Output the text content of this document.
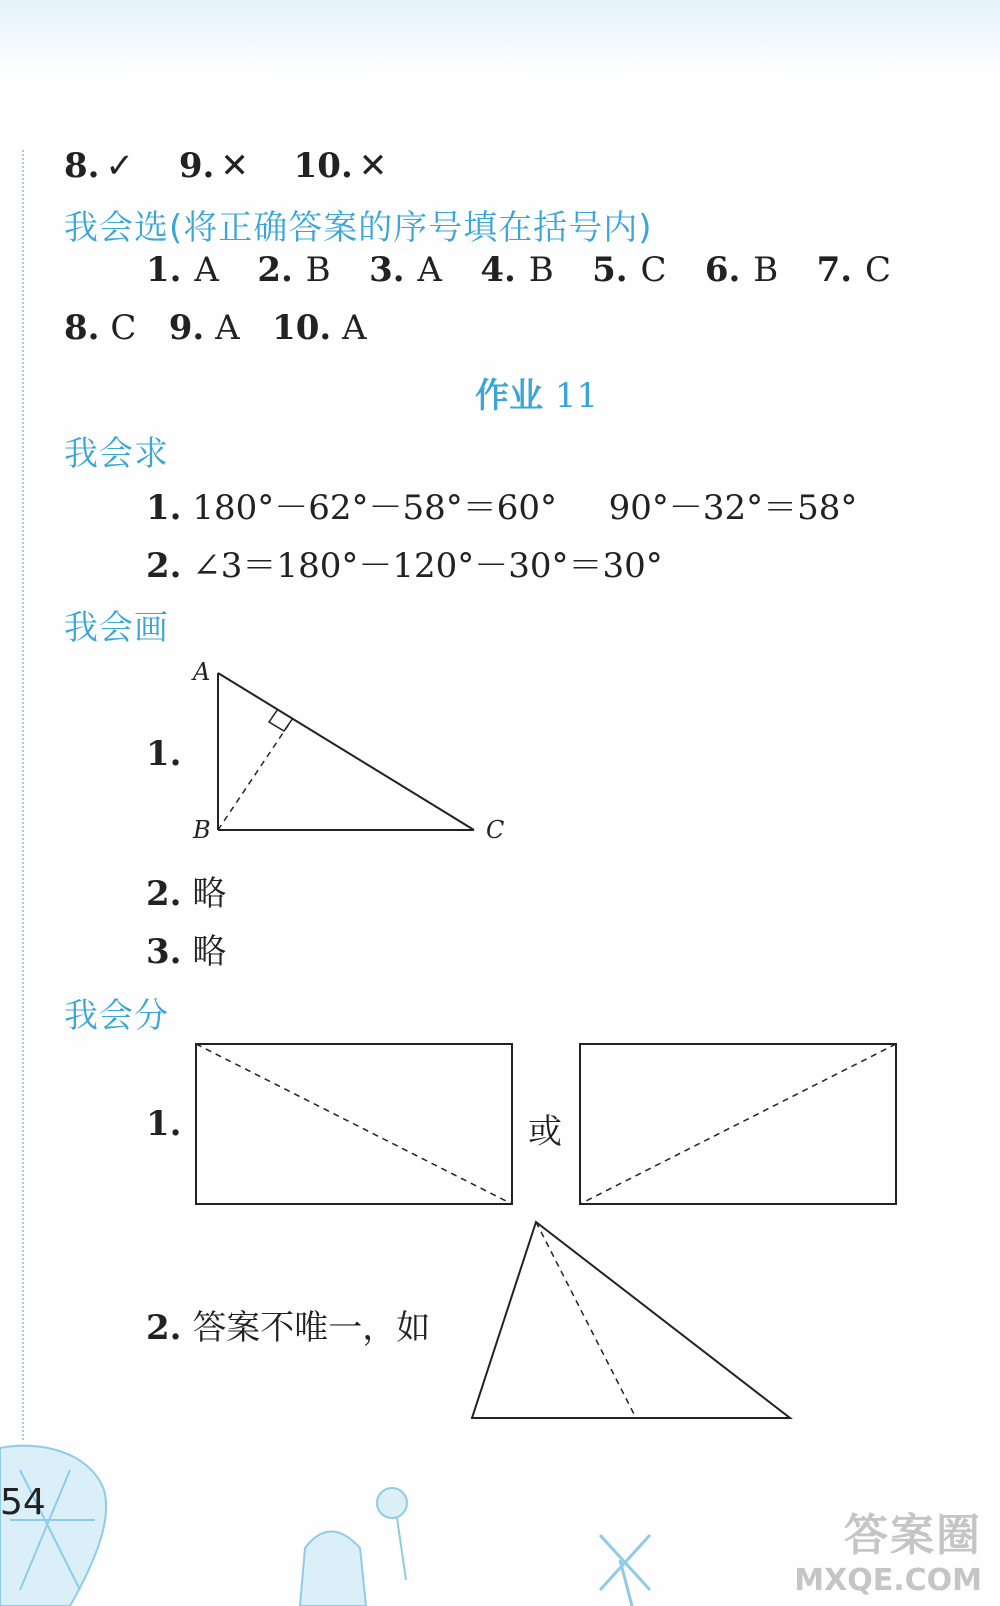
8. ✓ 9. ✕ 10. ✕
我会选(将正确答案的序号填在括号内)
1. A 2. B 3. A 4. B 5. C 6. B 7. C
8. C 9. A 10. A
作业 11
我会求
1. 180°－62°－58°＝60° 90°－32°＝58°
2. ∠3＝180°－120°－30°＝30°
我会画
1.
A
B	C
2. 略
3. 略
我会分
1.	或
2. 答案不唯一，如
54
答案圈
MXQE.COM
